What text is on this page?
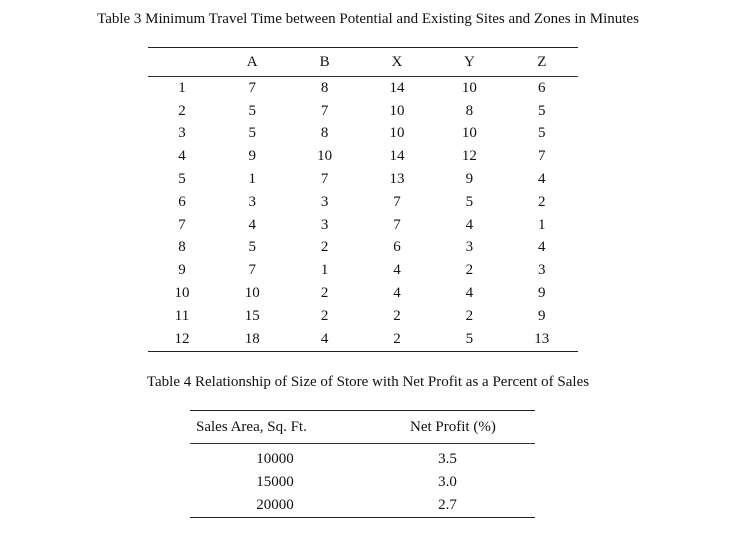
Table 3 Minimum Travel Time between Potential and Existing Sites and Zones in Minutes
	A	B	X	Y	Z
1	7	8	14	10	6
2	5	7	10	8	5
3	5	8	10	10	5
4	9	10	14	12	7
5	1	7	13	9	4
6	3	3	7	5	2
7	4	3	7	4	1
8	5	2	6	3	4
9	7	1	4	2	3
10	10	2	4	4	9
11	15	2	2	2	9
12	18	4	2	5	13
Table 4 Relationship of Size of Store with Net Profit as a Percent of Sales
Sales Area, Sq. Ft.	Net Profit (%)
10000	3.5
15000	3.0
20000	2.7
